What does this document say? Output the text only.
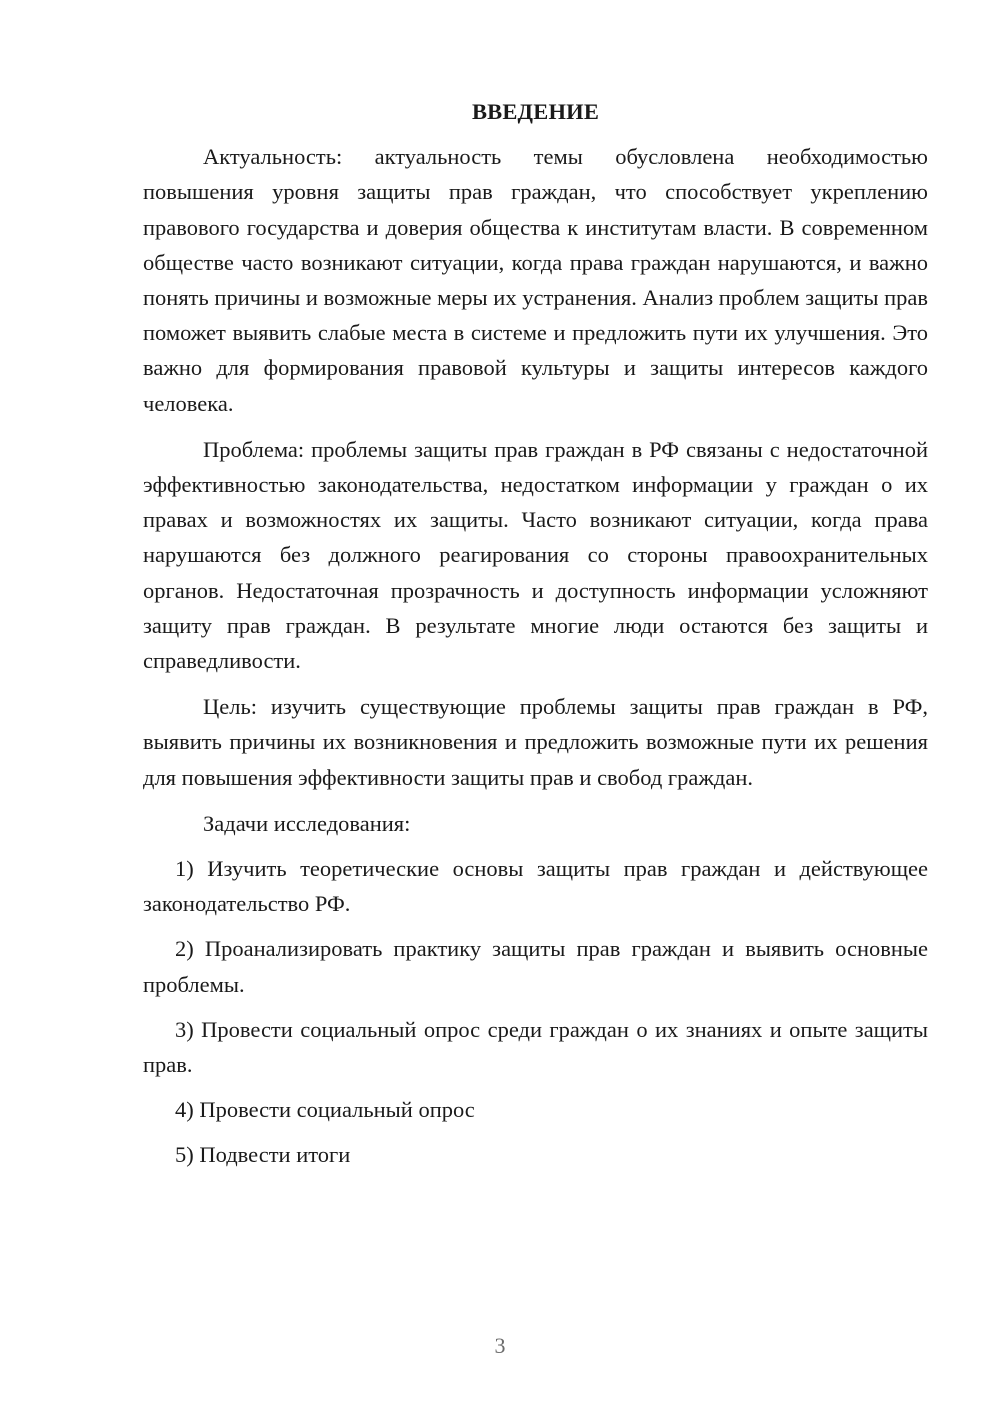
ВВЕДЕНИЕ

Актуальность: актуальность темы обусловлена необходимостью повышения уровня защиты прав граждан, что способствует укреплению правового государства и доверия общества к институтам власти. В современном обществе часто возникают ситуации, когда права граждан нарушаются, и важно понять причины и возможные меры их устранения. Анализ проблем защиты прав поможет выявить слабые места в системе и предложить пути их улучшения. Это важно для формирования правовой культуры и защиты интересов каждого человека.

Проблема: проблемы защиты прав граждан в РФ связаны с недостаточной эффективностью законодательства, недостатком информации у граждан о их правах и возможностях их защиты. Часто возникают ситуации, когда права нарушаются без должного реагирования со стороны правоохранительных органов. Недостаточная прозрачность и доступность информации усложняют защиту прав граждан. В результате многие люди остаются без защиты и справедливости.

Цель: изучить существующие проблемы защиты прав граждан в РФ, выявить причины их возникновения и предложить возможные пути их решения для повышения эффективности защиты прав и свобод граждан.

Задачи исследования:

1) Изучить теоретические основы защиты прав граждан и действующее законодательство РФ.

2) Проанализировать практику защиты прав граждан и выявить основные проблемы.

3) Провести социальный опрос среди граждан о их знаниях и опыте защиты прав.

4) Провести социальный опрос

5) Подвести итоги

3
